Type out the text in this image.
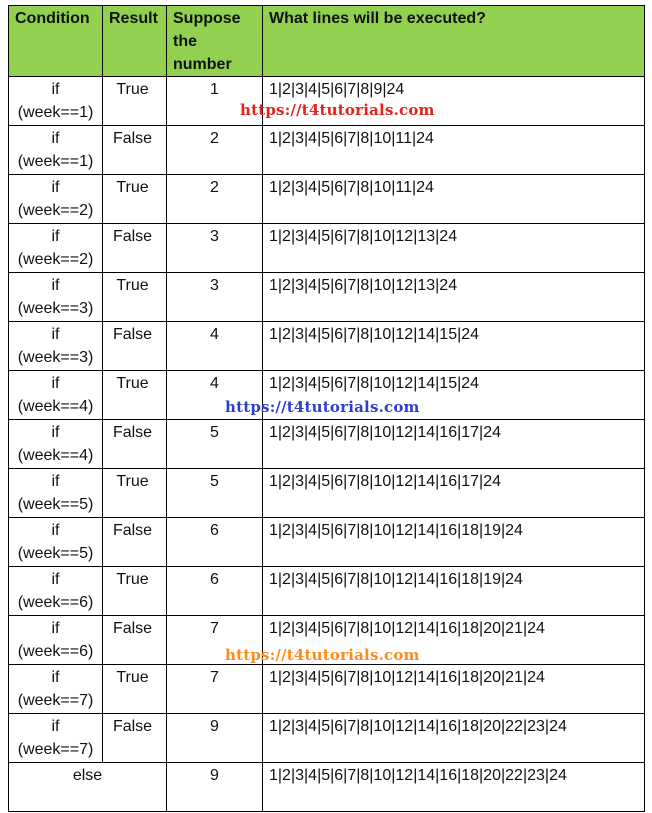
Condition	Result	Suppose the number	What lines will be executed?
if
(week==1)	True	1	1|2|3|4|5|6|7|8|9|24
if
(week==1)	False	2	1|2|3|4|5|6|7|8|10|11|24
if
(week==2)	True	2	1|2|3|4|5|6|7|8|10|11|24
if
(week==2)	False	3	1|2|3|4|5|6|7|8|10|12|13|24
if
(week==3)	True	3	1|2|3|4|5|6|7|8|10|12|13|24
if
(week==3)	False	4	1|2|3|4|5|6|7|8|10|12|14|15|24
if
(week==4)	True	4	1|2|3|4|5|6|7|8|10|12|14|15|24
if
(week==4)	False	5	1|2|3|4|5|6|7|8|10|12|14|16|17|24
if
(week==5)	True	5	1|2|3|4|5|6|7|8|10|12|14|16|17|24
if
(week==5)	False	6	1|2|3|4|5|6|7|8|10|12|14|16|18|19|24
if
(week==6)	True	6	1|2|3|4|5|6|7|8|10|12|14|16|18|19|24
if
(week==6)	False	7	1|2|3|4|5|6|7|8|10|12|14|16|18|20|21|24
if
(week==7)	True	7	1|2|3|4|5|6|7|8|10|12|14|16|18|20|21|24
if
(week==7)	False	9	1|2|3|4|5|6|7|8|10|12|14|16|18|20|22|23|24
else		9	1|2|3|4|5|6|7|8|10|12|14|16|18|20|22|23|24
https://t4tutorials.com
https://t4tutorials.com
https://t4tutorials.com
